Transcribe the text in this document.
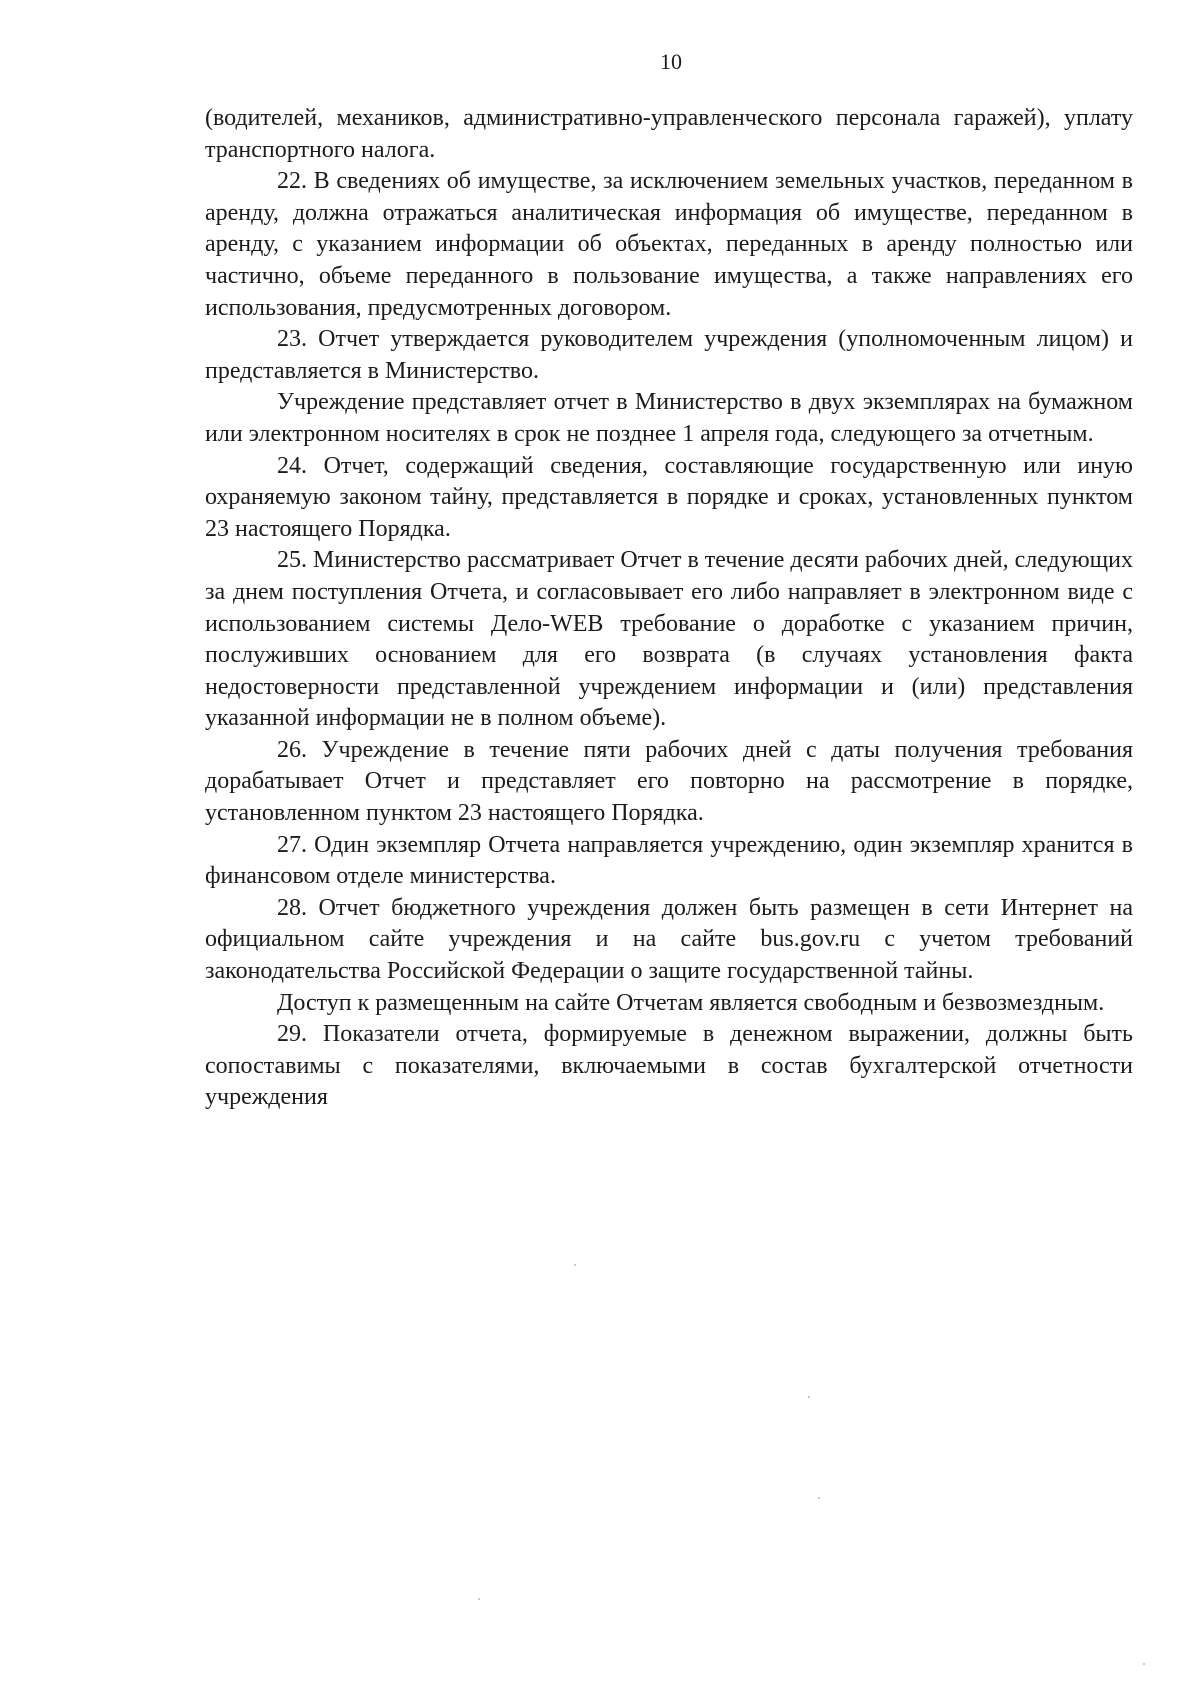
10

(водителей, механиков, административно-управленческого персонала гаражей), уплату транспортного налога.

22. В сведениях об имуществе, за исключением земельных участков, переданном в аренду, должна отражаться аналитическая информация об имуществе, переданном в аренду, с указанием информации об объектах, переданных в аренду полностью или частично, объеме переданного в пользование имущества, а также направлениях его использования, предусмотренных договором.

23. Отчет утверждается руководителем учреждения (уполномоченным лицом) и представляется в Министерство.

Учреждение представляет отчет в Министерство в двух экземплярах на бумажном или электронном носителях в срок не позднее 1 апреля года, следующего за отчетным.

24. Отчет, содержащий сведения, составляющие государственную или иную охраняемую законом тайну, представляется в порядке и сроках, установленных пунктом 23 настоящего Порядка.

25. Министерство рассматривает Отчет в течение десяти рабочих дней, следующих за днем поступления Отчета, и согласовывает его либо направляет в электронном виде с использованием системы Дело-WEB требование о доработке с указанием причин, послуживших основанием для его возврата (в случаях установления факта недостоверности представленной учреждением информации и (или) представления указанной информации не в полном объеме).

26. Учреждение в течение пяти рабочих дней с даты получения требования дорабатывает Отчет и представляет его повторно на рассмотрение в порядке, установленном пунктом 23 настоящего Порядка.

27. Один экземпляр Отчета направляется учреждению, один экземпляр хранится в финансовом отделе министерства.

28. Отчет бюджетного учреждения должен быть размещен в сети Интернет на официальном сайте учреждения и на сайте bus.gov.ru с учетом требований законодательства Российской Федерации о защите государственной тайны.

Доступ к размещенным на сайте Отчетам является свободным и безвозмездным.

29. Показатели отчета, формируемые в денежном выражении, должны быть сопоставимы с показателями, включаемыми в состав бухгалтерской отчетности учреждения
